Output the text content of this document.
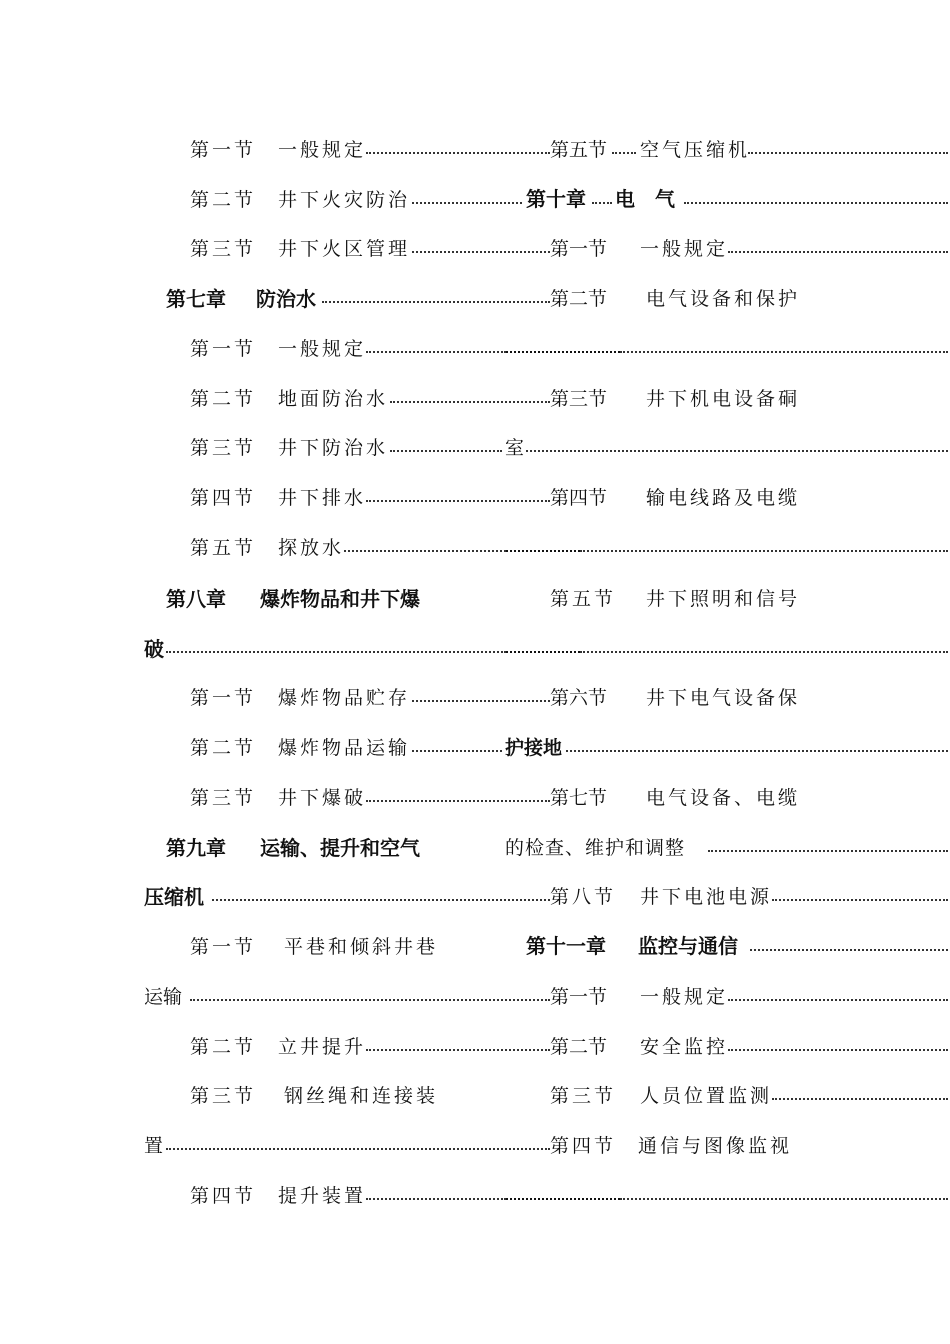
第一节 一般规定	第五节 空气压缩机
第二节 井下火灾防治	第十章 电　气
第三节 井下火区管理	第一节 一般规定
第七章 防治水	第二节 电气设备和保护
第一节 一般规定
第二节 地面防治水	第三节 井下机电设备硐
第三节 井下防治水	室
第四节 井下排水	第四节 输电线路及电缆
第五节 探放水
第八章 爆炸物品和井下爆	第五节 井下照明和信号
破
第一节 爆炸物品贮存	第六节 井下电气设备保
第二节 爆炸物品运输	护接地
第三节 井下爆破	第七节 电气设备、电缆
第九章 运输、提升和空气	的检查、维护和调整
压缩机	第八节 井下电池电源
第一节 平巷和倾斜井巷	第十一章 监控与通信
运输	第一节 一般规定
第二节 立井提升	第二节 安全监控
第三节 钢丝绳和连接装	第三节 人员位置监测
置	第四节 通信与图像监视
第四节 提升装置
